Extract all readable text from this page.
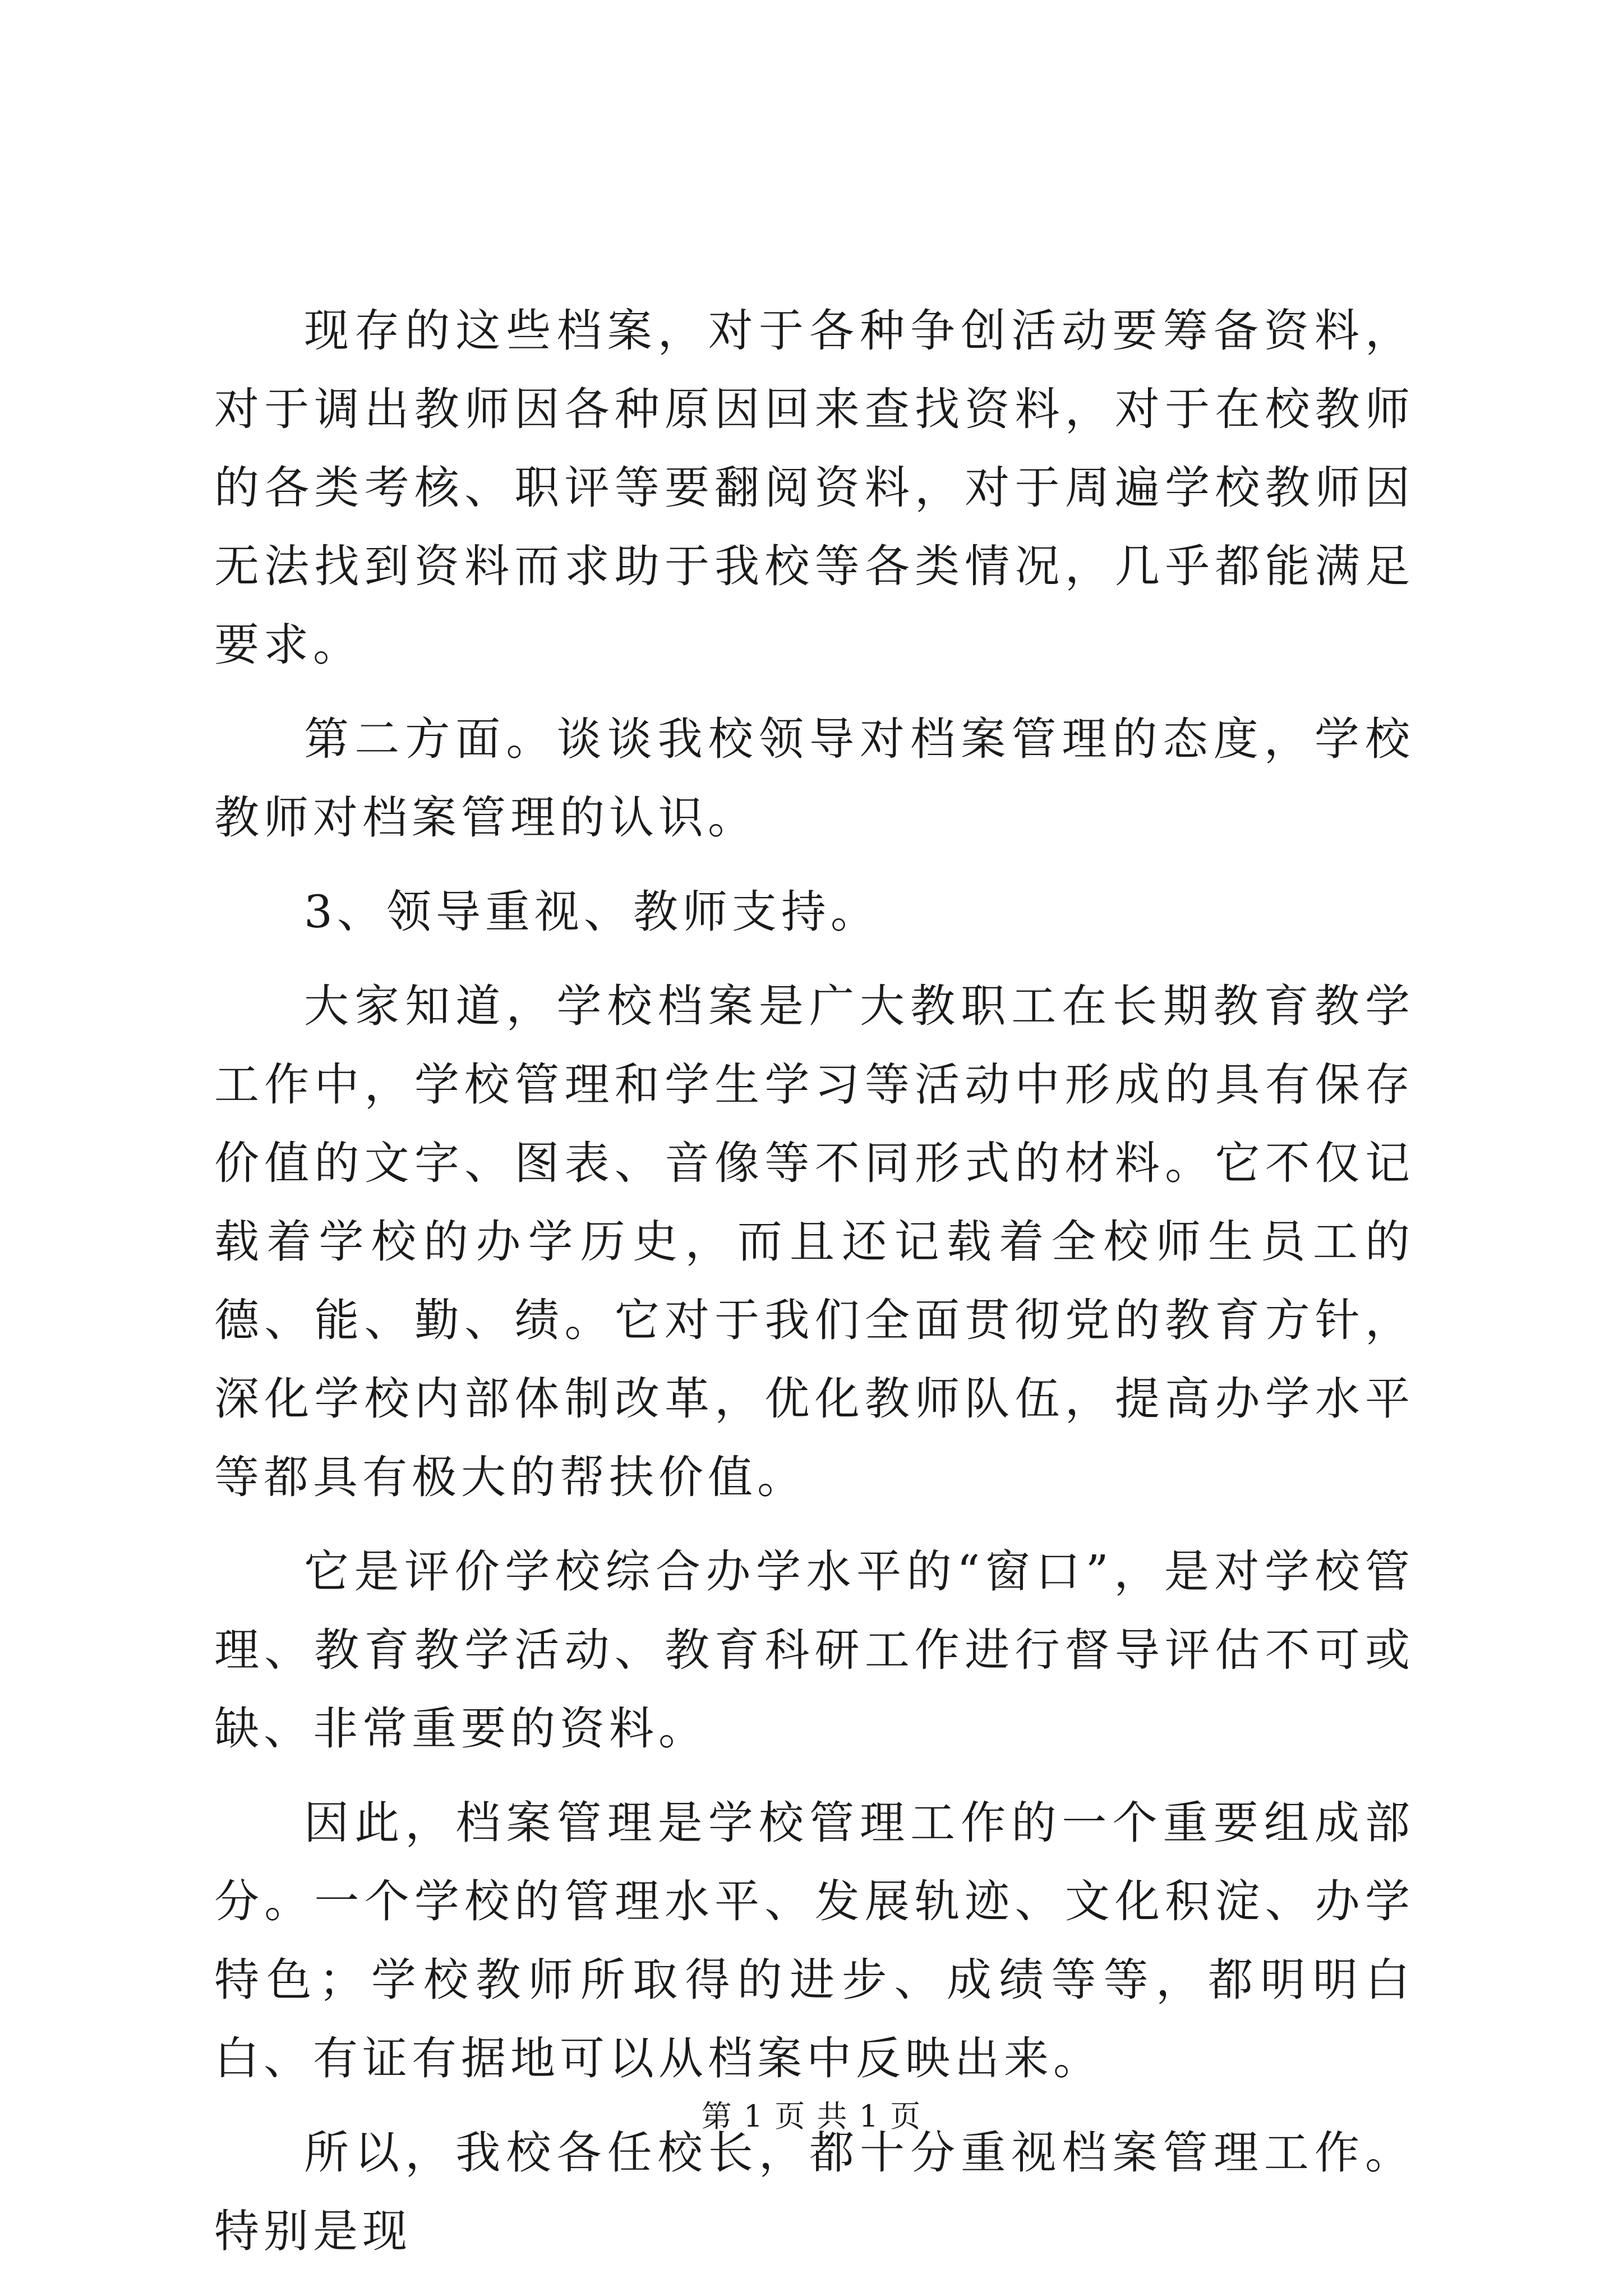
现存的这些档案，对于各种争创活动要筹备资料，对于调出教师因各种原因回来查找资料，对于在校教师的各类考核、职评等要翻阅资料，对于周遍学校教师因无法找到资料而求助于我校等各类情况，几乎都能满足要求。

第二方面。谈谈我校领导对档案管理的态度，学校教师对档案管理的认识。

3、领导重视、教师支持。

大家知道，学校档案是广大教职工在长期教育教学工作中，学校管理和学生学习等活动中形成的具有保存价值的文字、图表、音像等不同形式的材料。它不仅记载着学校的办学历史，而且还记载着全校师生员工的德、能、勤、绩。它对于我们全面贯彻党的教育方针，深化学校内部体制改革，优化教师队伍，提高办学水平等都具有极大的帮扶价值。

它是评价学校综合办学水平的“窗口”，是对学校管理、教育教学活动、教育科研工作进行督导评估不可或缺、非常重要的资料。

因此，档案管理是学校管理工作的一个重要组成部分。一个学校的管理水平、发展轨迹、文化积淀、办学特色；学校教师所取得的进步、成绩等等，都明明白白、有证有据地可以从档案中反映出来。

所以，我校各任校长，都十分重视档案管理工作。特别是现

第 1 页 共 1 页
